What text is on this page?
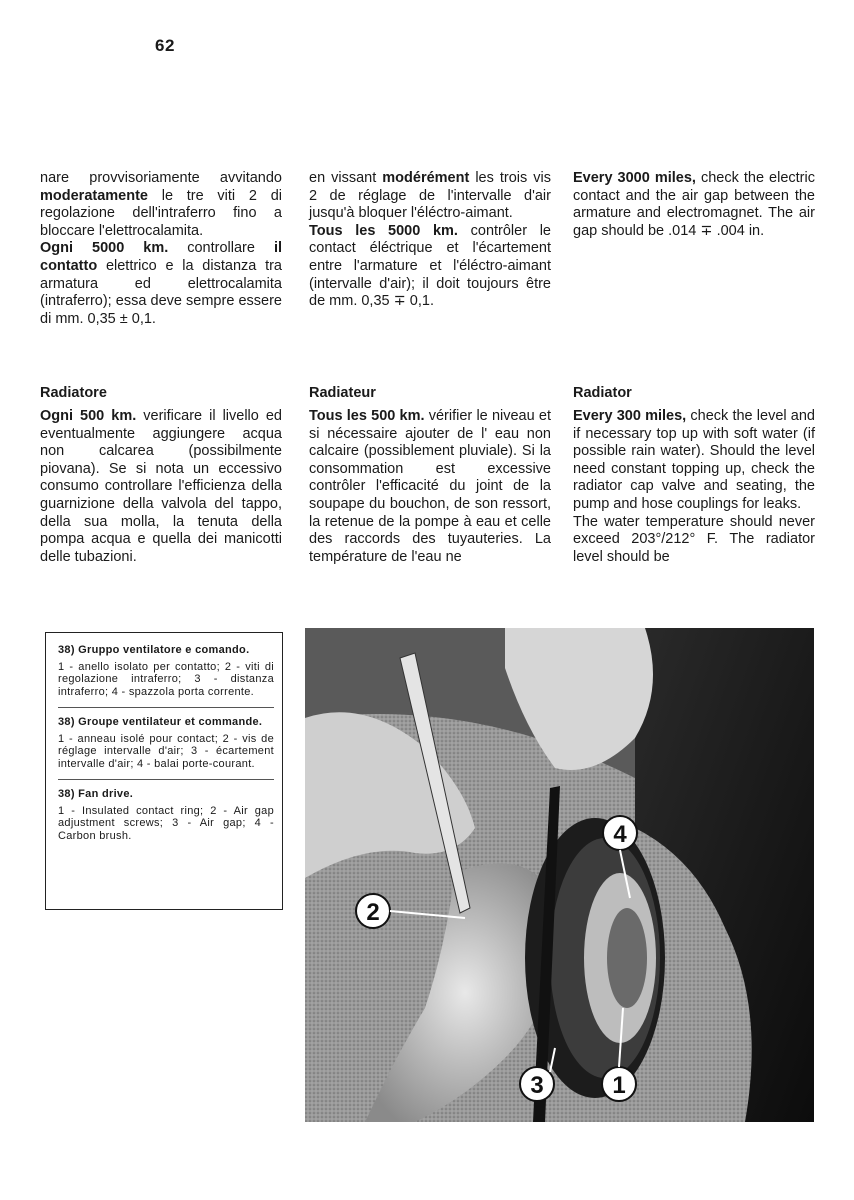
62

nare provvisoriamente avvitando moderatamente le tre viti 2 di regolazione dell'intraferro fino a bloccare l'elettrocalamita.

Ogni 5000 km. controllare il contatto elettrico e la distanza tra armatura ed elettrocalamita (intraferro); essa deve sempre essere di mm. 0,35 ± 0,1.

Radiatore

Ogni 500 km. verificare il livello ed eventualmente aggiungere acqua non calcarea (possibilmente piovana). Se si nota un eccessivo consumo controllare l'efficienza della guarnizione della valvola del tappo, della sua molla, la tenuta della pompa acqua e quella dei manicotti delle tubazioni.

en vissant modérément les trois vis 2 de réglage de l'intervalle d'air jusqu'à bloquer l'éléctro-aimant.

Tous les 5000 km. contrôler le contact éléctrique et l'écartement entre l'armature et l'éléctro-aimant (intervalle d'air); il doit toujours être de mm. 0,35 ∓ 0,1.

Radiateur

Tous les 500 km. vérifier le niveau et si nécessaire ajouter de l' eau non calcaire (possiblement pluviale). Si la consommation est excessive contrôler l'efficacité du joint de la soupape du bouchon, de son ressort, la retenue de la pompe à eau et celle des raccords des tuyauteries. La température de l'eau ne

Every 3000 miles, check the electric contact and the air gap between the armature and electromagnet. The air gap should be .014 ∓ .004 in.

Radiator

Every 300 miles, check the level and if necessary top up with soft water (if possible rain water). Should the level need constant topping up, check the radiator cap valve and seating, the pump and hose couplings for leaks.

The water temperature should never exceed 203°/212° F. The radiator level should be

38) Gruppo ventilatore e comando.

1 - anello isolato per contatto; 2 - viti di regolazione intraferro; 3 - distanza intraferro; 4 - spazzola porta corrente.

38) Groupe ventilateur et commande.

1 - anneau isolé pour contact; 2 - vis de réglage intervalle d'air; 3 - écartement intervalle d'air; 4 - balai porte-courant.

38) Fan drive.

1 - Insulated contact ring; 2 - Air gap adjustment screws; 3 - Air gap; 4 - Carbon brush.

2
4
3	1
